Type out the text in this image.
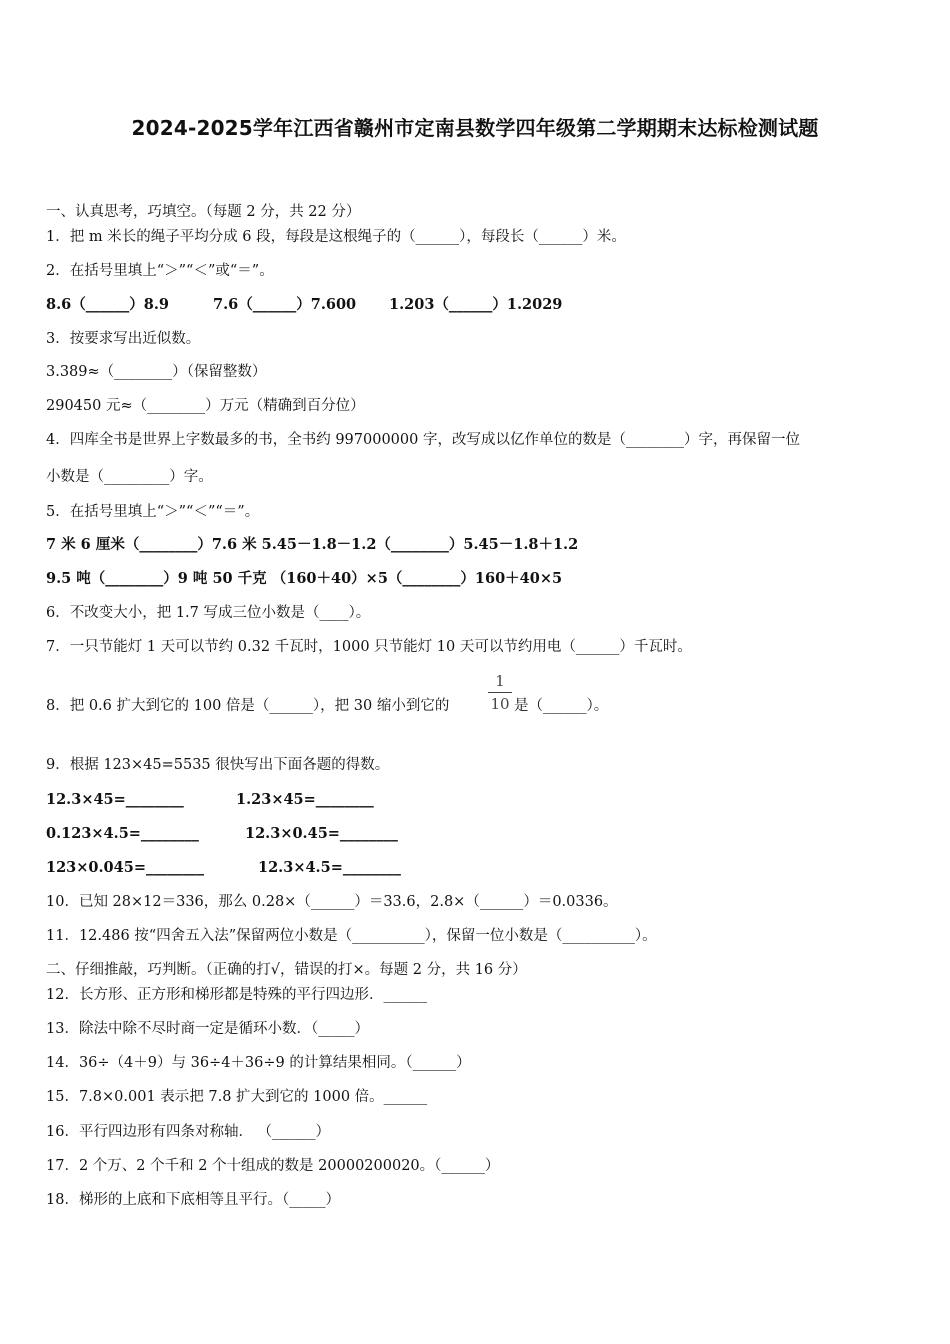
2024-2025学年江西省赣州市定南县数学四年级第二学期期末达标检测试题
一、认真思考，巧填空。（每题 2 分，共 22 分）
1．把 m 米长的绳子平均分成 6 段，每段是这根绳子的（______），每段长（______）米。
2．在括号里填上“＞”“＜”或“＝”。
8.6（______）8.9	7.6（______）7.600 1.203（______）1.2029
3．按要求写出近似数。
3.389≈（________）（保留整数）
290450 元≈（________）万元（精确到百分位）
4．四库全书是世界上字数最多的书，全书约 997000000 字，改写成以亿作单位的数是（________）字，再保留一位
小数是（_________）字。
5．在括号里填上“＞”“＜”“＝”。
7 米 6 厘米（________）7.6 米 5.45－1.8－1.2（________）5.45－1.8＋1.2
9.5 吨（________）9 吨 50 千克 （160＋40）×5（________）160＋40×5
6．不改变大小，把 1.7 写成三位小数是（____）。
7．一只节能灯 1 天可以节约 0.32 千瓦时，1000 只节能灯 10 天可以节约用电（______）千瓦时。
8．把 0.6 扩大到它的 100 倍是（______），把 30 缩小到它的
1
10 是（______）。
9．根据 123×45=5535 很快写出下面各题的得数。
12.3×45=________	1.23×45=________
0.123×4.5=________	12.3×0.45=________
123×0.045=________	12.3×4.5=________
10．已知 28×12＝336，那么 0.28×（______）＝33.6，2.8×（______）＝0.0336。
11．12.486 按“四舍五入法”保留两位小数是（__________），保留一位小数是（__________）。
二、仔细推敲，巧判断。（正确的打√，错误的打×。每题 2 分，共 16 分）
12．长方形、正方形和梯形都是特殊的平行四边形．______
13．除法中除不尽时商一定是循环小数．（_____）
14．36÷（4＋9）与 36÷4＋36÷9 的计算结果相同。（______）
15．7.8×0.001 表示把 7.8 扩大到它的 1000 倍。______
16．平行四边形有四条对称轴． （______）
17．2 个万、2 个千和 2 个十组成的数是 20000200020。（______）
18．梯形的上底和下底相等且平行。（_____）
